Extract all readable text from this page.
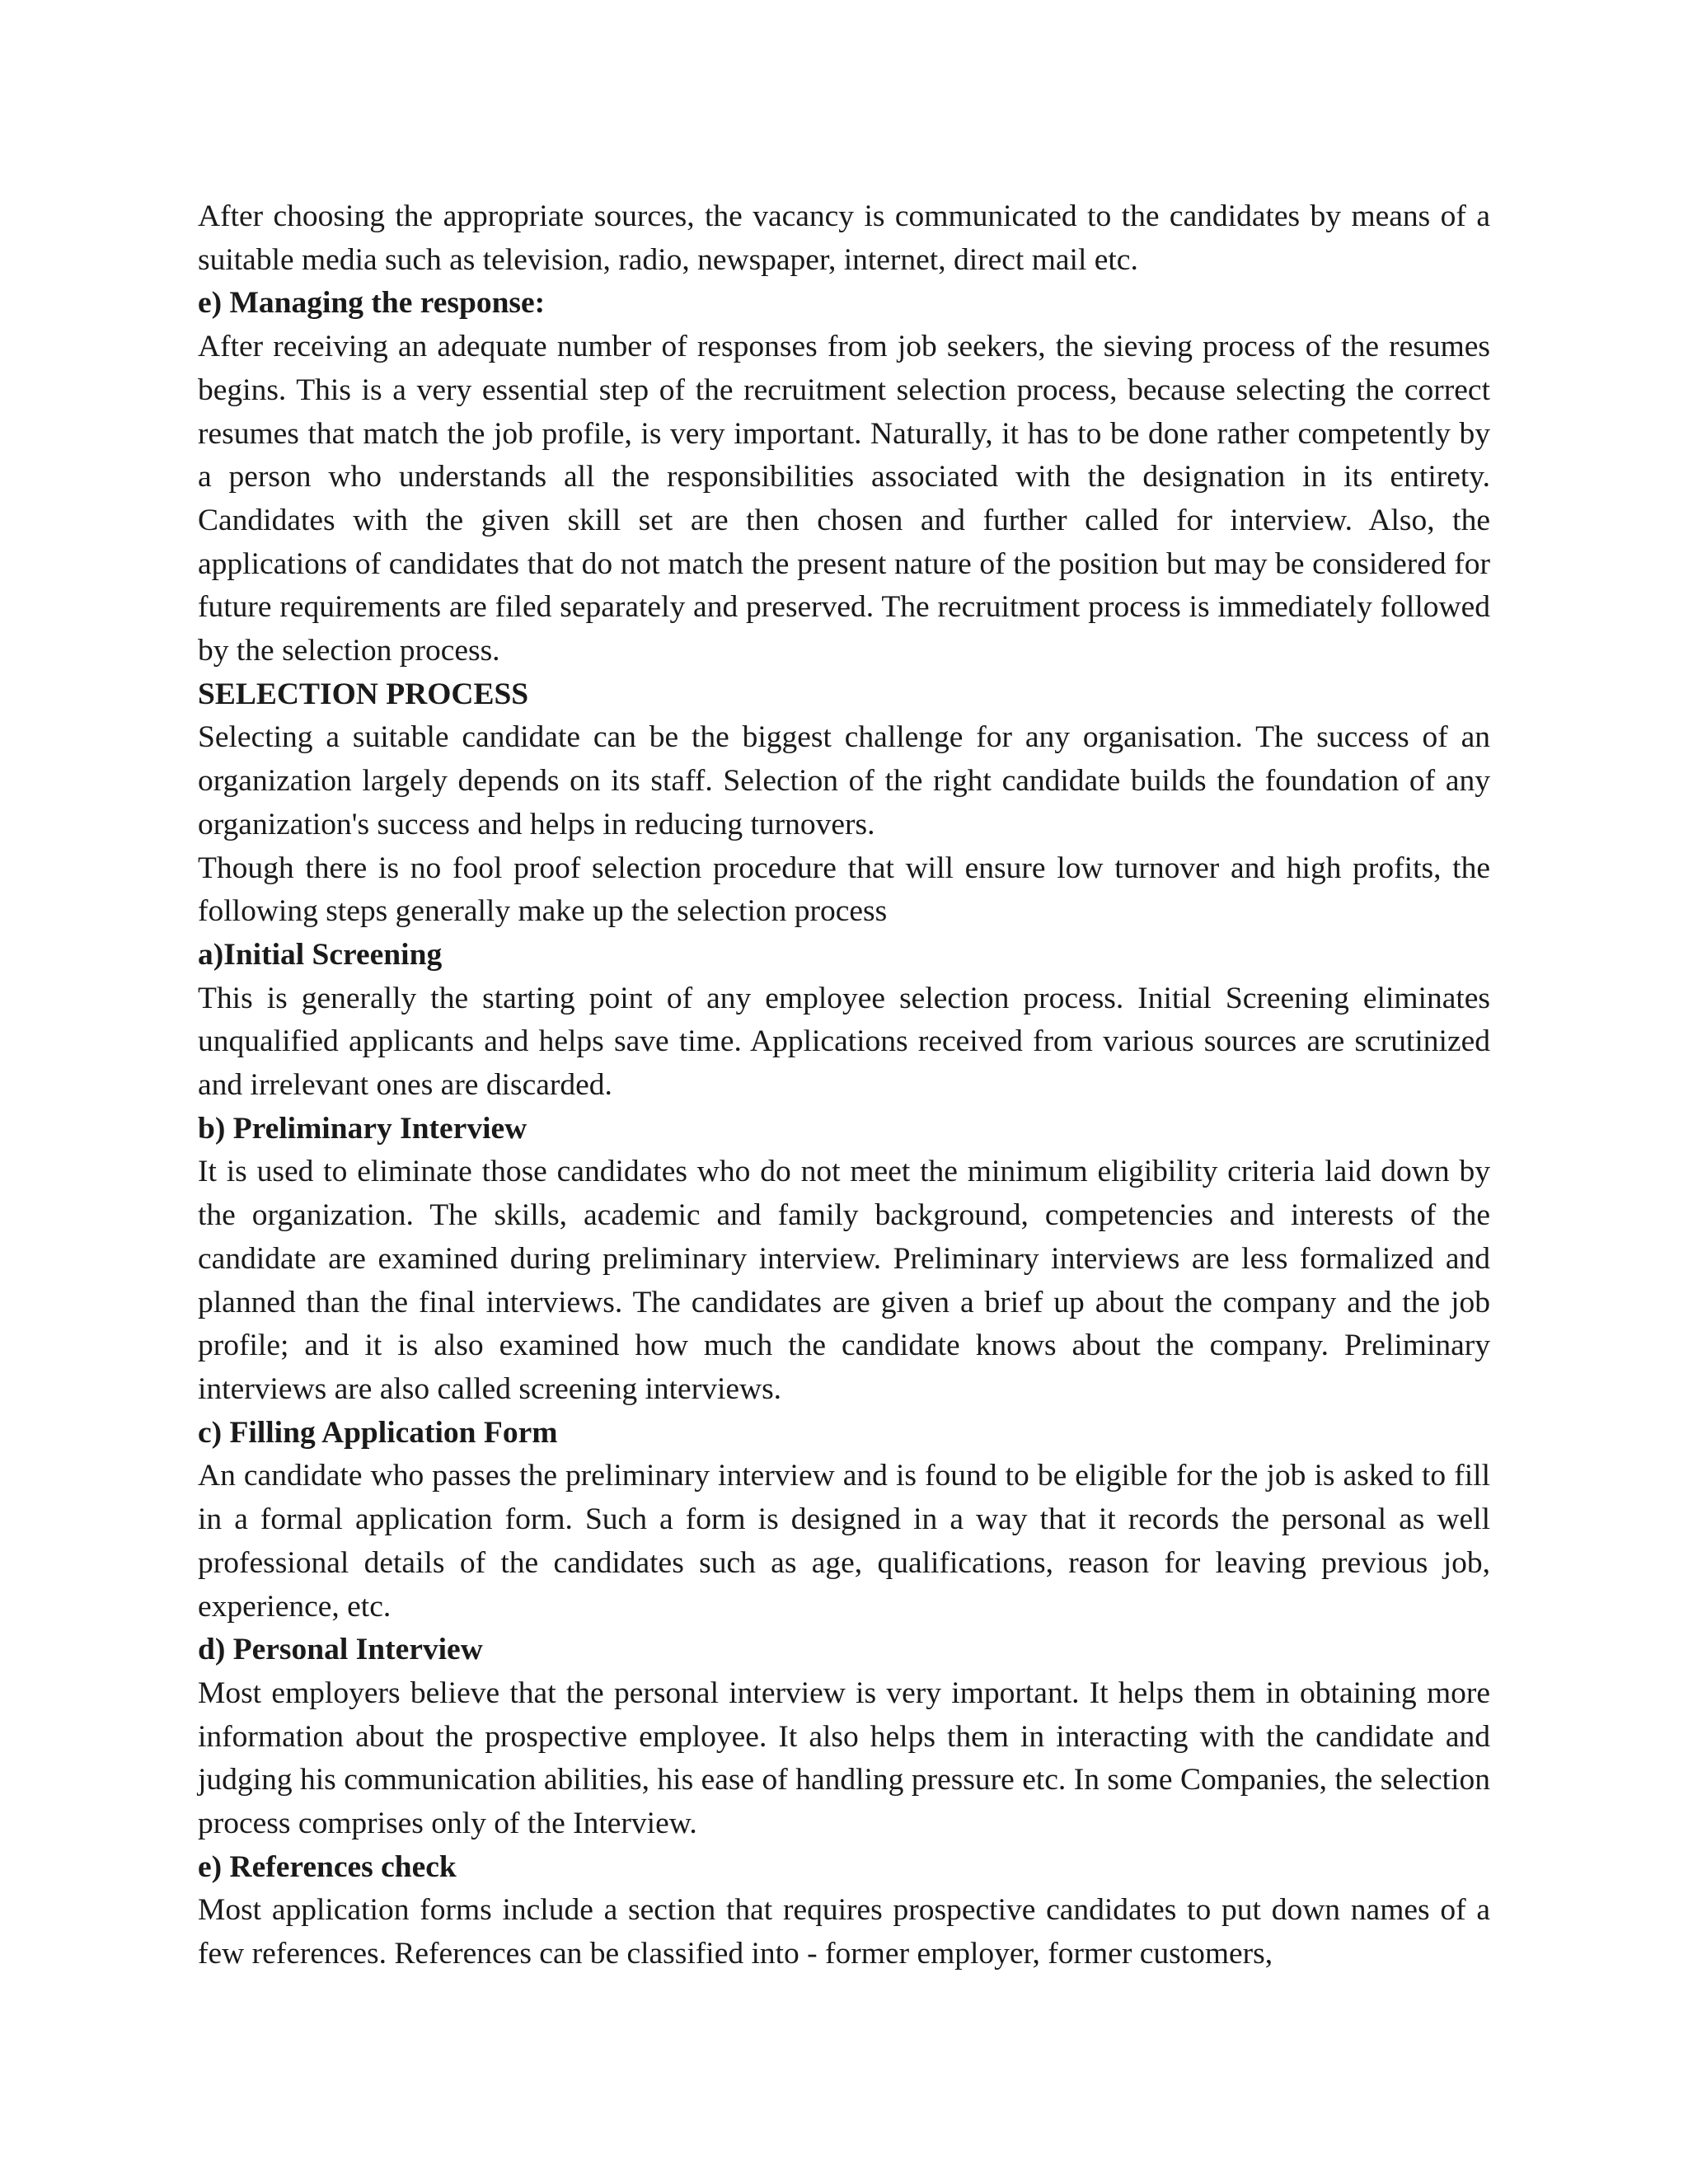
After choosing the appropriate sources, the vacancy is communicated to the candidates by means of a suitable media such as television, radio, newspaper, internet, direct mail etc.

e) Managing the response:

After receiving an adequate number of responses from job seekers, the sieving process of the resumes begins. This is a very essential step of the recruitment selection process, because selecting the correct resumes that match the job profile, is very important. Naturally, it has to be done rather competently by a person who understands all the responsibilities associated with the designation in its entirety. Candidates with the given skill set are then chosen and further called for interview. Also, the applications of candidates that do not match the present nature of the position but may be considered for future requirements are filed separately and preserved. The recruitment process is immediately followed by the selection process.

SELECTION PROCESS

Selecting a suitable candidate can be the biggest challenge for any organisation. The success of an organization largely depends on its staff. Selection of the right candidate builds the foundation of any organization's success and helps in reducing turnovers.

Though there is no fool proof selection procedure that will ensure low turnover and high profits, the following steps generally make up the selection process

a)Initial Screening

This is generally the starting point of any employee selection process. Initial Screening eliminates unqualified applicants and helps save time. Applications received from various sources are scrutinized and irrelevant ones are discarded.

b) Preliminary Interview

It is used to eliminate those candidates who do not meet the minimum eligibility criteria laid down by the organization. The skills, academic and family background, competencies and interests of the candidate are examined during preliminary interview. Preliminary interviews are less formalized and planned than the final interviews. The candidates are given a brief up about the company and the job profile; and it is also examined how much the candidate knows about the company. Preliminary interviews are also called screening interviews.

c) Filling Application Form

An candidate who passes the preliminary interview and is found to be eligible for the job is asked to fill in a formal application form. Such a form is designed in a way that it records the personal as well professional details of the candidates such as age, qualifications, reason for leaving previous job, experience, etc.

d) Personal Interview

Most employers believe that the personal interview is very important. It helps them in obtaining more information about the prospective employee. It also helps them in interacting with the candidate and judging his communication abilities, his ease of handling pressure etc. In some Companies, the selection process comprises only of the Interview.

e) References check

Most application forms include a section that requires prospective candidates to put down names of a few references. References can be classified into - former employer, former customers,
